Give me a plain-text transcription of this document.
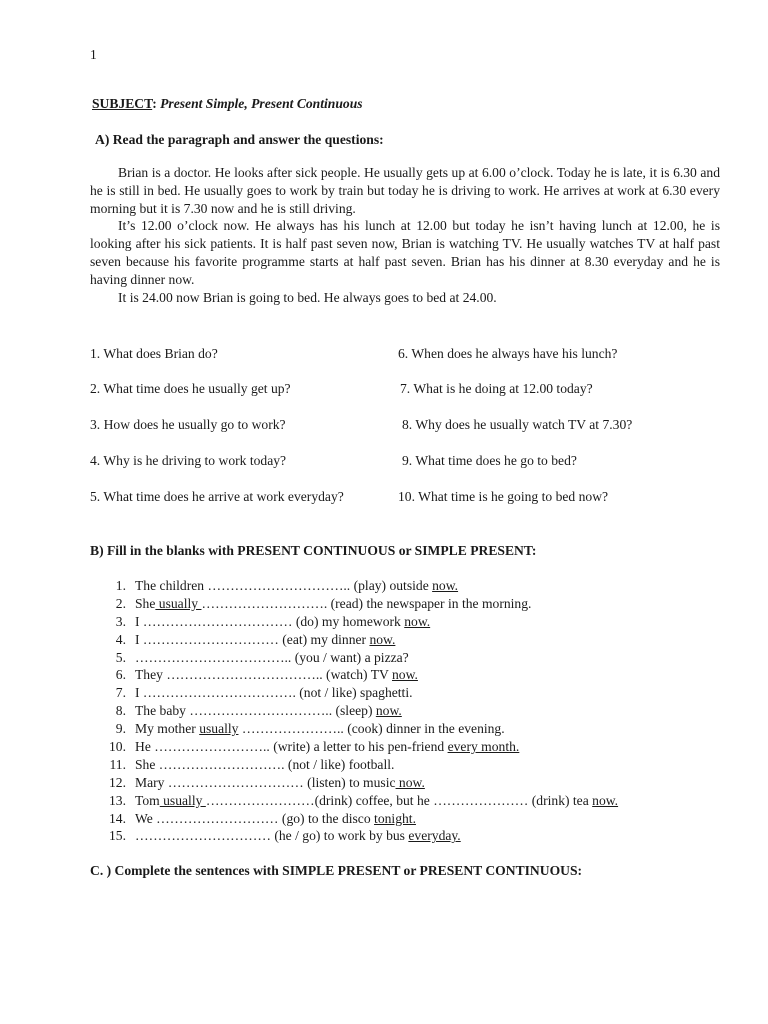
1
SUBJECT: Present Simple, Present Continuous
A) Read the paragraph and answer the questions:

Brian is a doctor. He looks after sick people. He usually gets up at 6.00 o’clock. Today he is late, it is 6.30 and he is still in bed. He usually goes to work by train but today he is driving to work. He arrives at work at 6.30 every morning but it is 7.30 now and he is still driving.

It’s 12.00 o’clock now. He always has his lunch at 12.00 but today he isn’t having lunch at 12.00, he is looking after his sick patients. It is half past seven now, Brian is watching TV. He usually watches TV at half past seven because his favorite programme starts at half past seven. Brian has his dinner at 8.30 everyday and he is having dinner now.

It is 24.00 now Brian is going to bed. He always goes to bed at 24.00.

1. What does Brian do?
2. What time does he usually get up?
3. How does he usually go to work?
4. Why is he driving to work today?
5. What time does he arrive at work everyday?
6. When does he always have his lunch?
7. What is he doing at 12.00 today?
8. Why does he usually watch TV at 7.30?
9. What time does he go to bed?
10. What time is he going to bed now?
B) Fill in the blanks with PRESENT CONTINUOUS or SIMPLE PRESENT:
1. The children ………………………….. (play) outside now.
2. She usually ………………………. (read) the newspaper in the morning.
3. I …………………………… (do) my homework now.
4. I ………………………… (eat) my dinner now.
5. …………………………….. (you / want) a pizza?
6. They …………………………….. (watch) TV now.
7. I ……………………………. (not / like) spaghetti.
8. The baby ………………………….. (sleep) now.
9. My mother usually ………………….. (cook) dinner in the evening.
10. He …………………….. (write) a letter to his pen-friend every month.
11. She ………………………. (not / like) football.
12. Mary ………………………… (listen) to music now.
13. Tom usually ……………………(drink) coffee, but he ………………… (drink) tea now.
14. We ……………………… (go) to the disco tonight.
15. ………………………… (he / go) to work by bus everyday.
C. ) Complete the sentences with SIMPLE PRESENT or PRESENT CONTINUOUS:
